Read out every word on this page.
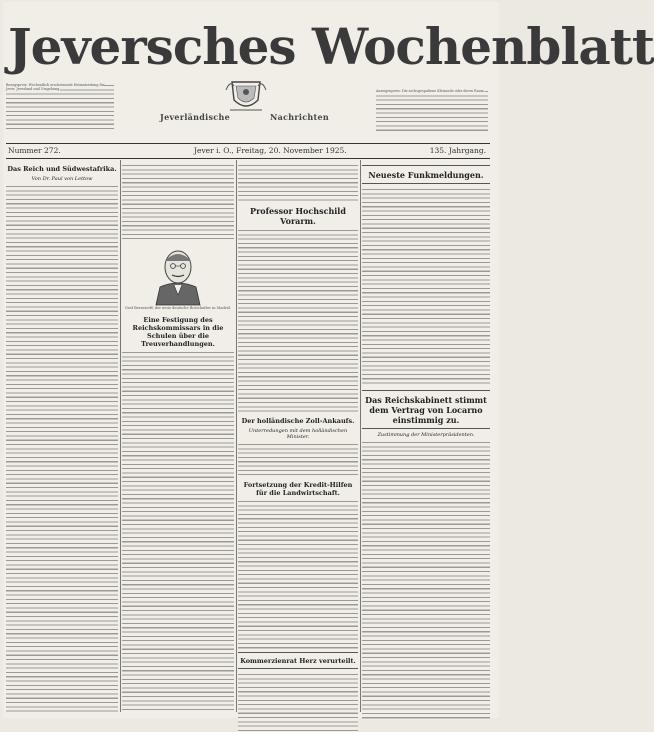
Jeversches Wochenblatt
Jeverländische	Nachrichten
Bezugspreis: Wöchentlich erscheinende Heimatzeitung für Jever, Jeverland und Umgebung.	Anzeigenpreis: Die sechsgespaltene Kleinzeile oder deren Raum.
Nummer 272.	Jever i. O., Freitag, 20. November 1925.	135. Jahrgang.
Das Reich und Südwestafrika.
Von Dr. Paul von Lettow
Graf Bernstorff, der neue deutsche Botschafter in Madrid.
Eine Festigung des Reichskommissars in die Schulen über die Treuverhandlungen.
Professor Hochschild Vorarm.
Der holländische Zoll-Ankaufs.
Unterredungen mit dem holländischen Minister.
Fortsetzung der Kredit-Hilfen für die Landwirtschaft.
Kommerzienrat Herz verurteilt.
Neueste Funkmeldungen.
Das Reichskabinett stimmt dem Vertrag von Locarno einstimmig zu.
Zustimmung der Ministerpräsidenten.
